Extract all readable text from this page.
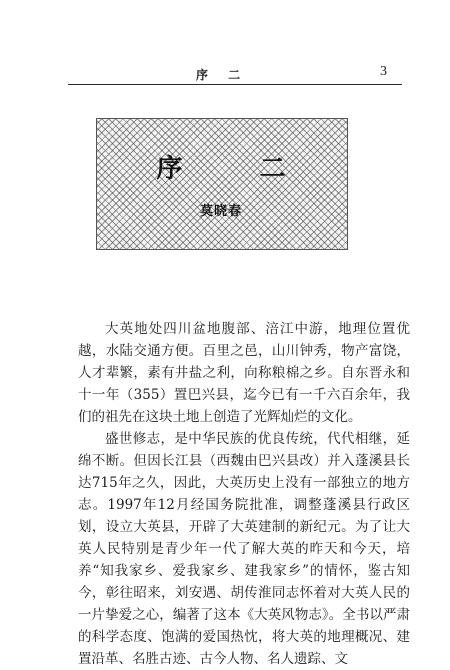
序 二	3
序 二
莫晓春

大英地处四川盆地腹部、涪江中游，地理位置优越，水陆交通方便。百里之邑，山川钟秀，物产富饶，人才辈繁，素有井盐之利，向称粮棉之乡。自东晋永和十一年（355）置巴兴县，迄今已有一千六百余年，我们的祖先在这块土地上创造了光辉灿烂的文化。

盛世修志，是中华民族的优良传统，代代相继，延绵不断。但因长江县（西魏由巴兴县改）并入蓬溪县长达715年之久，因此，大英历史上没有一部独立的地方志。1997年12月经国务院批准，调整蓬溪县行政区划，设立大英县，开辟了大英建制的新纪元。为了让大英人民特别是青少年一代了解大英的昨天和今天，培养“知我家乡、爱我家乡、建我家乡”的情怀，鉴古知今，彰往昭来，刘安遇、胡传淮同志怀着对大英人民的一片挚爱之心，编著了这本《大英风物志》。全书以严肃的科学态度、饱满的爱国热忱，将大英的地理概况、建置沿革、名胜古迹、古今人物、名人遗踪、文
